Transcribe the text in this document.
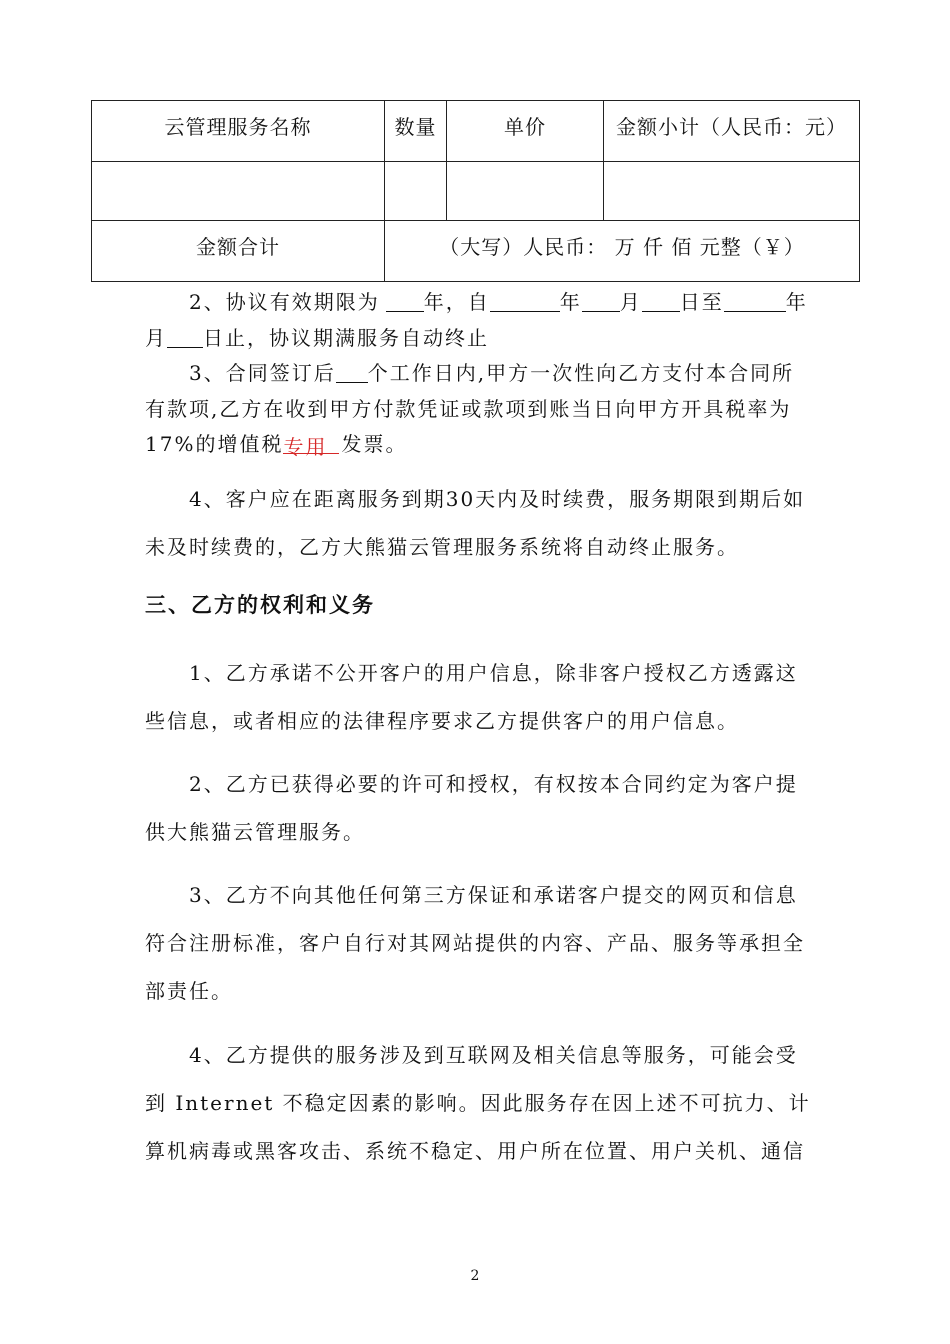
云管理服务名称	数量	单价	金额小计（人民币：元）

金额合计	（大写）人民币： 万 仟 佰 元整（￥）		
2、协议有效期限为 年，自	年 月 日至	年
月 日止，协议期满服务自动终止
3、合同签订后 个工作日内,甲方一次性向乙方支付本合同所
有款项,乙方在收到甲方付款凭证或款项到账当日向甲方开具税率为
17%的增值税专用 发票。
4、客户应在距离服务到期30天内及时续费，服务期限到期后如
未及时续费的，乙方大熊猫云管理服务系统将自动终止服务。
三、乙方的权利和义务
1、乙方承诺不公开客户的用户信息，除非客户授权乙方透露这
些信息，或者相应的法律程序要求乙方提供客户的用户信息。
2、乙方已获得必要的许可和授权，有权按本合同约定为客户提
供大熊猫云管理服务。
3、乙方不向其他任何第三方保证和承诺客户提交的网页和信息
符合注册标准，客户自行对其网站提供的内容、产品、服务等承担全
部责任。
4、乙方提供的服务涉及到互联网及相关信息等服务，可能会受
到 Internet 不稳定因素的影响。因此服务存在因上述不可抗力、计
算机病毒或黑客攻击、系统不稳定、用户所在位置、用户关机、通信
2
